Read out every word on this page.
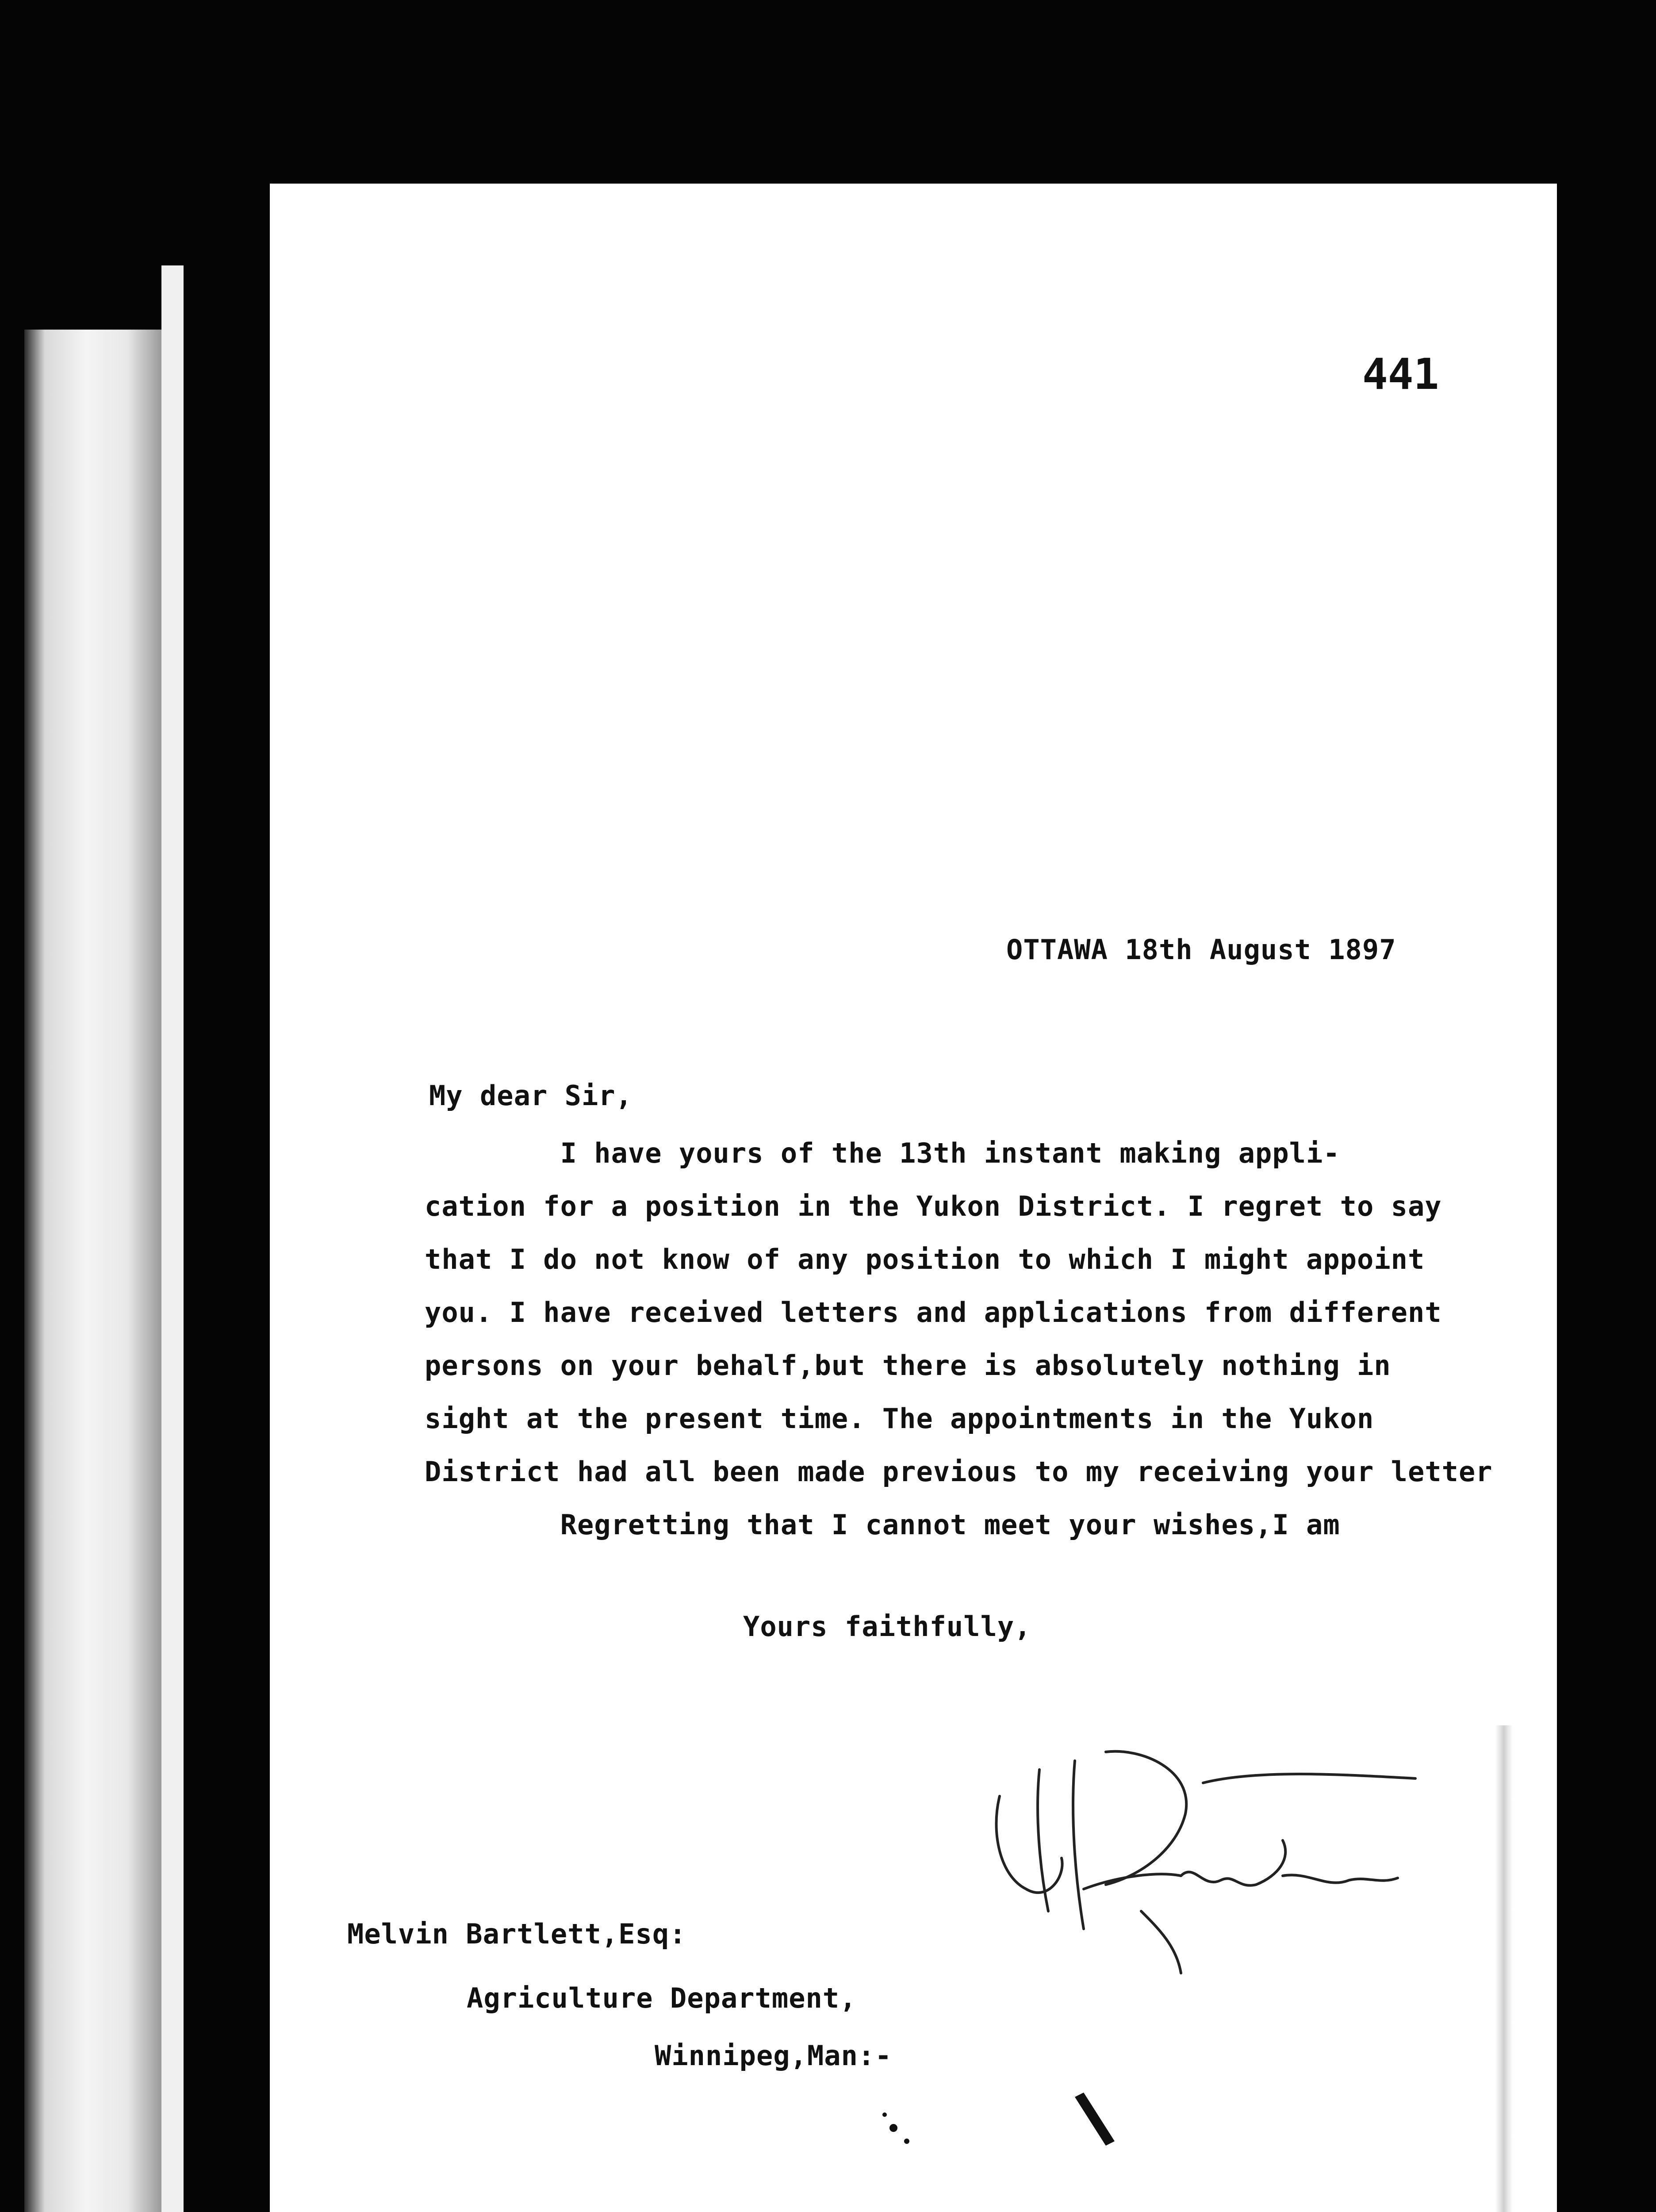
441
OTTAWA 18th August 1897
My dear Sir,
I have yours of the 13th instant making appli-
cation for a position in the Yukon District. I regret to say
that I do not know of any position to which I might appoint
you. I have received letters and applications from different
persons on your behalf,but there is absolutely nothing in
sight at the present time. The appointments in the Yukon
District had all been made previous to my receiving your letter
Regretting that I cannot meet your wishes,I am
Yours faithfully,
Melvin Bartlett,Esq:
Agriculture Department,
Winnipeg,Man:-
